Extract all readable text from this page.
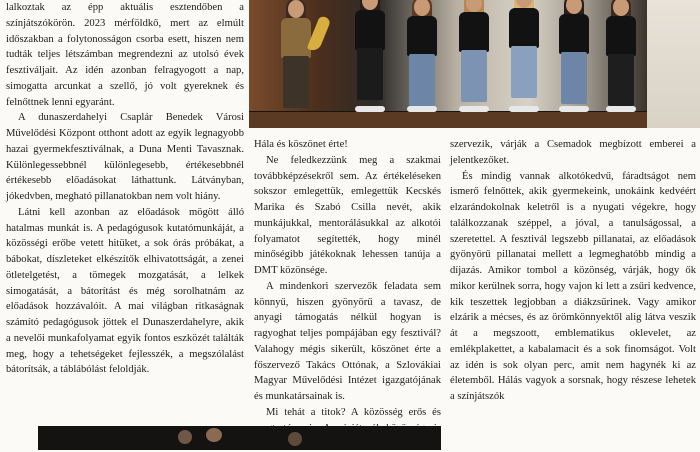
lalkoztak az épp aktuális esztendőben a színjátszókörön. 2023 mérföldkő, mert az elmúlt időszakban a folytonosságon csorba esett, hiszen nem tudták teljes létszámban megrendezni az utolsó évek fesztiváljait. Az idén azonban felragyogott a nap, simogatta arcunkat a szellő, jó volt gyereknek és felnőttnek lenni egyaránt.

A dunaszerdahelyi Csaplár Benedek Városi Művelődési Központ otthont adott az egyik legnagyobb hazai gyermekfesztiválnak, a Duna Menti Tavasznak. Különlegessebbnél különlegesebb, értékesebbnél értékesebb előadásokat láthattunk. Látványban, jókedvben, megható pillanatokban nem volt hiány.

Látni kell azonban az előadások mögött álló hatalmas munkát is. A pedagógusok kutatómunkáját, a közösségi erőbe vetett hitüket, a sok órás próbákat, a bábokat, díszleteket elkészítők elhivatottságát, a zenei ötletelgetést, a tömegek mozgatását, a lelkek simogatását, a bátorítást és még sorolhatnám az előadások hozzávalóit. A mai világban ritkaságnak számító pedagógusok jöttek el Dunaszerdahelyre, akik a nevelői munkafolyamat egyik fontos eszközét találták meg, hogy a tehetségeket fejlesszék, a megszólalást bátorítsák, a táblábólást feloldják.

Hála és köszönet érte!

Ne feledkezzünk meg a szakmai továbbképzésekről sem. Az értékeléseken sokszor emlegettük, emlegettük Kecskés Marika és Szabó Csilla nevét, akik munkájukkal, mentorálásukkal az alkotói folyamatot segítették, hogy minél minőségibb játékoknak lehessen tanúja a DMT közönsége.

A mindenkori szervezők feladata sem könnyű, hiszen gyönyörű a tavasz, de anyagi támogatás nélkül hogyan is ragyoghat teljes pompájában egy fesztivál? Valahogy mégis sikerült, köszönet érte a főszervező Takács Ottónak, a Szlovákiai Magyar Művelődési Intézet igazgatójának és munkatársainak is.

Mi tehát a titok? A közösség erős és

szervezik, várják a Csemadok megbízott emberei a jelentkezőket.

És mindig vannak alkotókedvű, fáradtságot nem ismerő felnőttek, akik gyermekeink, unokáink kedvéért elzarándokolnak keletről is a nyugati végekre, hogy találkozzanak széppel, a jóval, a tanulságossal, a szeretettel. A fesztivál legszebb pillanatai, az előadások gyönyörű pillanatai mellett a legmeghatóbb mindig a díjazás. Amikor tombol a közönség, várják, hogy ők mikor kerülnek sorra, hogy vajon ki lett a zsűri kedvence, kik teszettek legjobban a diákzsűrinek. Vagy amikor elzárik a mécses, és az örömkönnyektől alig látva veszik át a megszoott, emblematikus oklevelet, az emlékplakettet, a kabalamacit és a sok finomságot. Volt az idén is sok olyan perc, amit nem hagynék ki az életemből. Hálás vagyok a sorsnak, hogy részese lehetek a színjátszók
